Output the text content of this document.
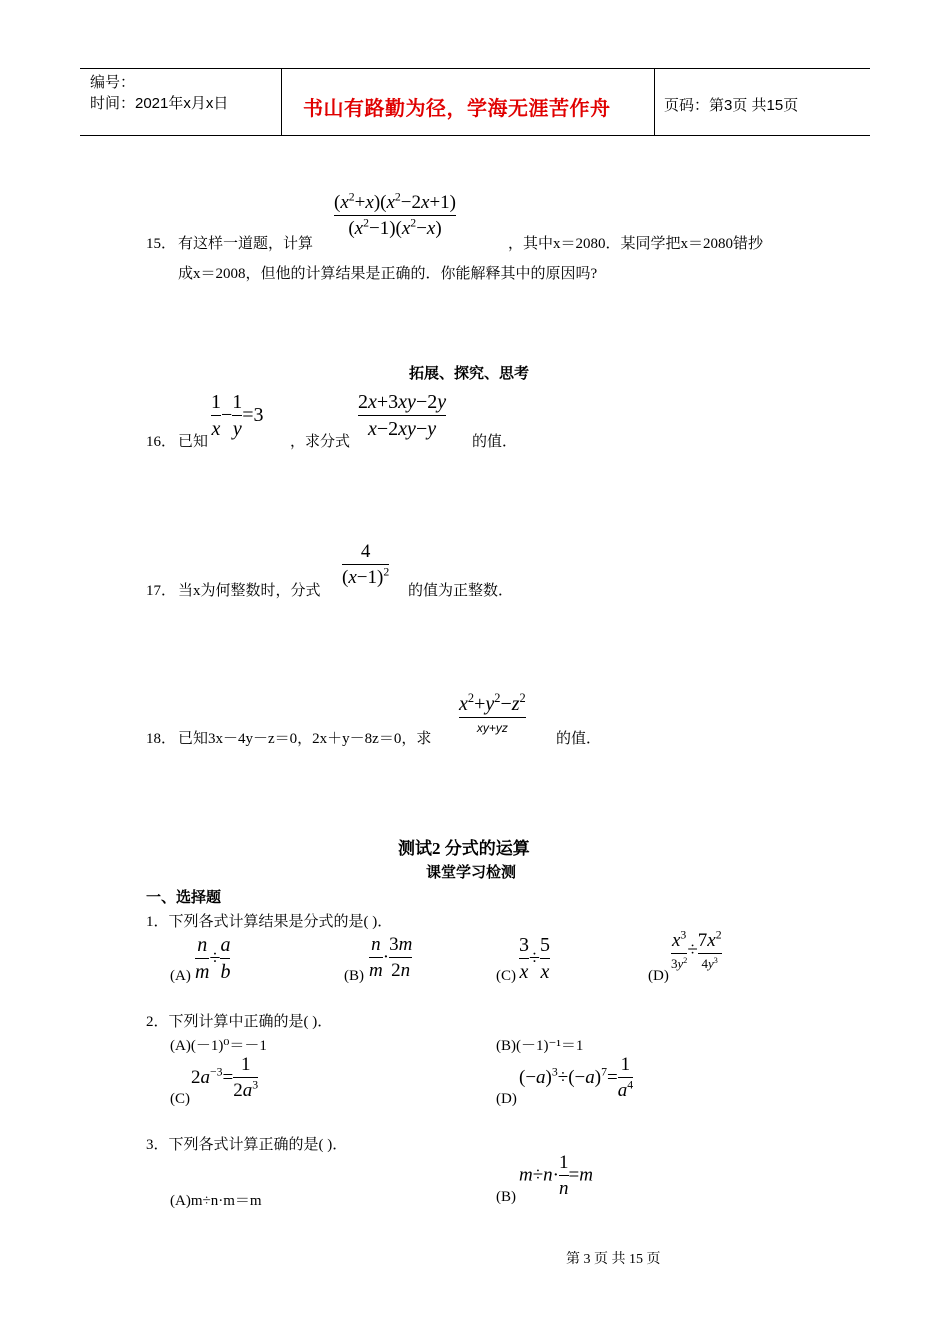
编号：
时间：2021年x月x日	书山有路勤为径，学海无涯苦作舟	页码：第3页 共15页
15． 有这样一道题，计算
$(x^2+x)(x^2-2x+1)$
$(x^2-1)(x^2-x)$
，其中x＝2080．某同学把x＝2080错抄
成x＝2008，但他的计算结果是正确的．你能解释其中的原因吗?
拓展、探究、思考
16． 已知
$\frac{1}{x} - \frac{1}{y} =3$
，求分式
2x+3xy−2y
x−2xy−y
的值．
17． 当x为何整数时，分式
4
$(x-1)^2$
的值为正整数．
18． 已知3x－4y－z＝0，2x＋y－8z＝0，求
$x^2+y^2-z^2$
xy+yz
的值．
测试2 分式的运算
课堂学习检测
一、选择题
1．下列各式计算结果是分式的是( )．
$(A) \frac{n}{m} \div \frac{a}{b}$	$(B) \frac{n}{m} \cdot \frac{3m}{2n}$	$(C) \frac{3}{x} \div \frac{5}{x}$	(D)
$\frac{x^3}{3y^2} \div \frac{7x^2}{4y^3}$
2．下列计算中正确的是( )．
(A)(－1)⁰＝－1	(B)(－1)⁻¹＝1
(C)
$2a^{-3}= \frac{1}{2a^3}$	(D)
$(-a)^3\div(-a)^7= \frac{1}{a^4}$
3．下列各式计算正确的是( )．
(A)m÷n·m＝m	(B)
$m\div n\cdot \frac{1}{n} =m$
第 3 页 共 15 页
